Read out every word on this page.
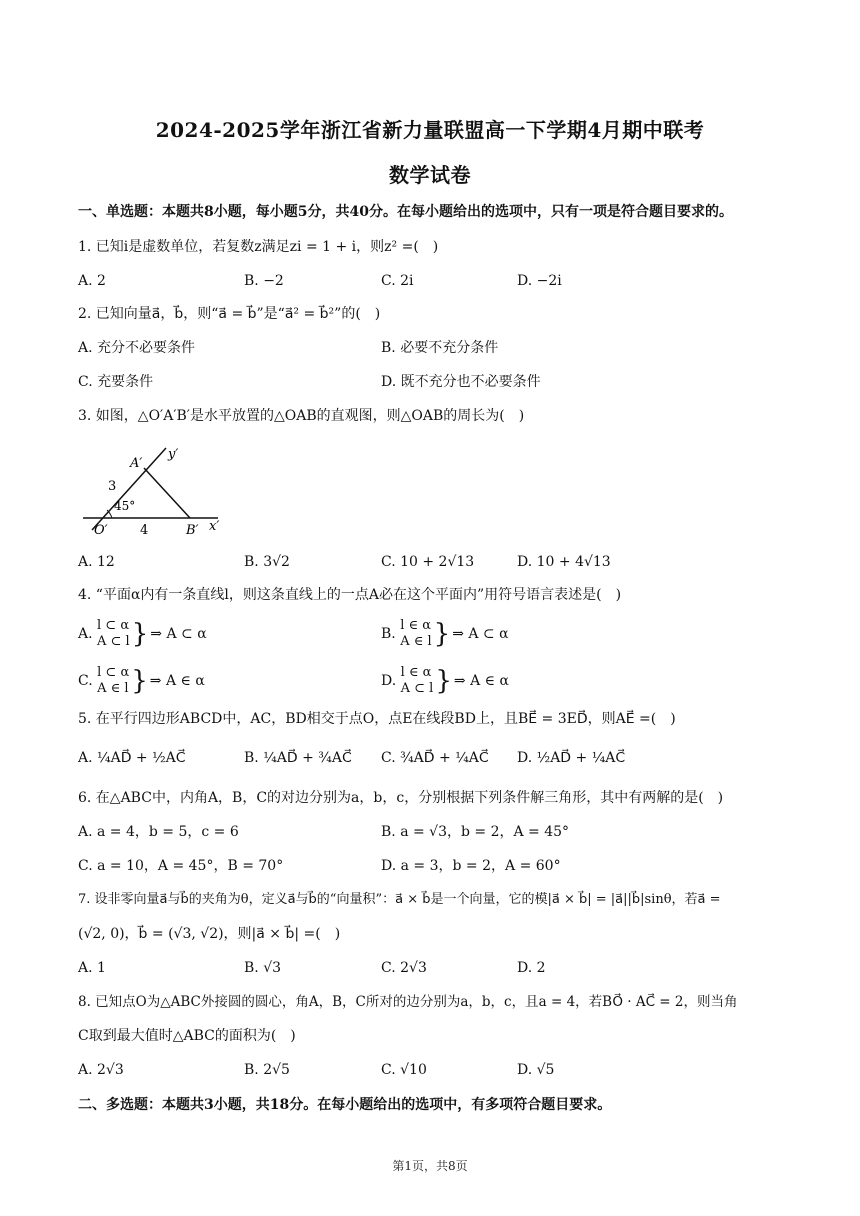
2024-2025学年浙江省新力量联盟高一下学期4月期中联考
数学试卷
一、单选题：本题共8小题，每小题5分，共40分。在每小题给出的选项中，只有一项是符合题目要求的。
1. 已知i是虚数单位，若复数z满足zi = 1 + i，则z² =(　)
A. 2	B. −2	C. 2i	D. −2i
2. 已知向量a⃗，b⃗，则“a⃗ = b⃗”是“a⃗² = b⃗²”的(　)
A. 充分不必要条件	B. 必要不充分条件
C. 充要条件	D. 既不充分也不必要条件
3. 如图，△O′A′B′是水平放置的△OAB的直观图，则△OAB的周长为(　)
A′
y′
3
45°
O′ 4	B′ x′
A. 12	B. 3√2	C. 10 + 2√13	D. 10 + 4√13
4. “平面α内有一条直线l，则这条直线上的一点A必在这个平面内”用符号语言表述是(　)
A. l ⊂ α
A ⊂ l} ⇒ A ⊂ α	B. l ∈ α
A ∈ l} ⇒ A ⊂ α
C. l ⊂ α
A ∈ l } ⇒ A ∈ α	D. l ∈ α
A ⊂ l} ⇒ A ∈ α
5. 在平行四边形ABCD中，AC，BD相交于点O，点E在线段BD上，且BE⃗ = 3ED⃗，则AE⃗ =(　)
A. ¼AD⃗ + ½AC⃗	B. ¼AD⃗ + ¾AC⃗ C. ¾AD⃗ + ¼AC⃗ D. ½AD⃗ + ¼AC⃗
6. 在△ABC中，内角A，B，C的对边分别为a，b，c，分别根据下列条件解三角形，其中有两解的是(　)
A. a = 4，b = 5，c = 6	B. a = √3，b = 2，A = 45°
C. a = 10，A = 45°，B = 70°	D. a = 3，b = 2，A = 60°
7. 设非零向量a⃗与b⃗的夹角为θ，定义a⃗与b⃗的“向量积”：a⃗ × b⃗是一个向量，它的模|a⃗ × b⃗| = |a⃗||b⃗|sinθ，若a⃗ =
(√2, 0)，b⃗ = (√3, √2)，则|a⃗ × b⃗| =(　)
A. 1	B. √3	C. 2√3	D. 2
8. 已知点O为△ABC外接圆的圆心，角A，B，C所对的边分别为a，b，c，且a = 4，若BO⃗ · AC⃗ = 2，则当角
C取到最大值时△ABC的面积为(　)
A. 2√3	B. 2√5	C. √10	D. √5
二、多选题：本题共3小题，共18分。在每小题给出的选项中，有多项符合题目要求。
第1页，共8页
